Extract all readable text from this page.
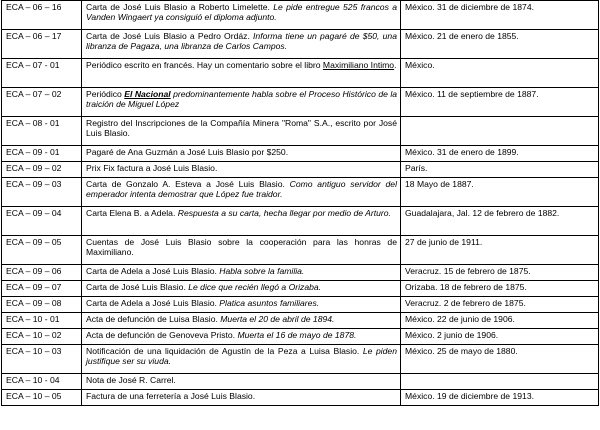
ECA – 06 – 16	Carta de José Luis Blasio a Roberto Limelette. Le pide entregue 525 francos a Vanden Wingaert ya consiguió el diploma adjunto.	México. 31 de diciembre de 1874.
ECA – 06 – 17	Carta de José Luis Blasio a Pedro Ordáz. Informa tiene un pagaré de $50, una libranza de Pagaza, una libranza de Carlos Campos.	México. 21 de enero de 1855.
ECA – 07 - 01	Periódico escrito en francés. Hay un comentario sobre el libro Maximiliano Intimo.	México.
ECA – 07 – 02	Periódico El Nacional predominantemente habla sobre el Proceso Histórico de la traición de Miguel López	México. 11 de septiembre de 1887.
ECA – 08 - 01	Registro del Inscripciones de la Compañía Minera "Roma" S.A., escrito por José Luis Blasio.	
ECA – 09 - 01	Pagaré de Ana Guzmán a José Luis Blasio por $250.	México. 31 de enero de 1899.
ECA – 09 – 02	Prix Fix factura a José Luis Blasio.	París.
ECA – 09 – 03	Carta de Gonzalo A. Esteva a José Luis Blasio. Como antiguo servidor del emperador intenta demostrar que López fue traidor.	18 Mayo de 1887.
ECA – 09 – 04	Carta Elena B. a Adela. Respuesta a su carta, hecha llegar por medio de Arturo.	Guadalajara, Jal. 12 de febrero de 1882.
ECA – 09 – 05	Cuentas de José Luis Blasio sobre la cooperación para las honras de Maximiliano.	27 de junio de 1911.
ECA – 09 – 06	Carta de Adela a José Luis Blasio. Habla sobre la familia.	Veracruz. 15 de febrero de 1875.
ECA – 09 – 07	Carta de José Luis Blasio. Le dice que recién llegó a Orizaba.	Orizaba. 18 de febrero de 1875.
ECA – 09 – 08	Carta de Adela a José Luis Blasio. Platica asuntos familiares.	Veracruz. 2 de febrero de 1875.
ECA – 10 - 01	Acta de defunción de Luisa Blasio. Muerta el 20 de abril de 1894.	México. 22 de junio de 1906.
ECA – 10 – 02	Acta de defunción de Genoveva Pristo. Muerta el 16 de mayo de 1878.	México. 2 junio de 1906.
ECA – 10 – 03	Notificación de una liquidación de Agustín de la Peza a Luisa Blasio. Le piden justifique ser su viuda.	México. 25 de mayo de 1880.
ECA – 10 - 04	Nota de José R. Carrel.	
ECA – 10 – 05	Factura de una ferretería a José Luis Blasio.	México. 19 de diciembre de 1913.
